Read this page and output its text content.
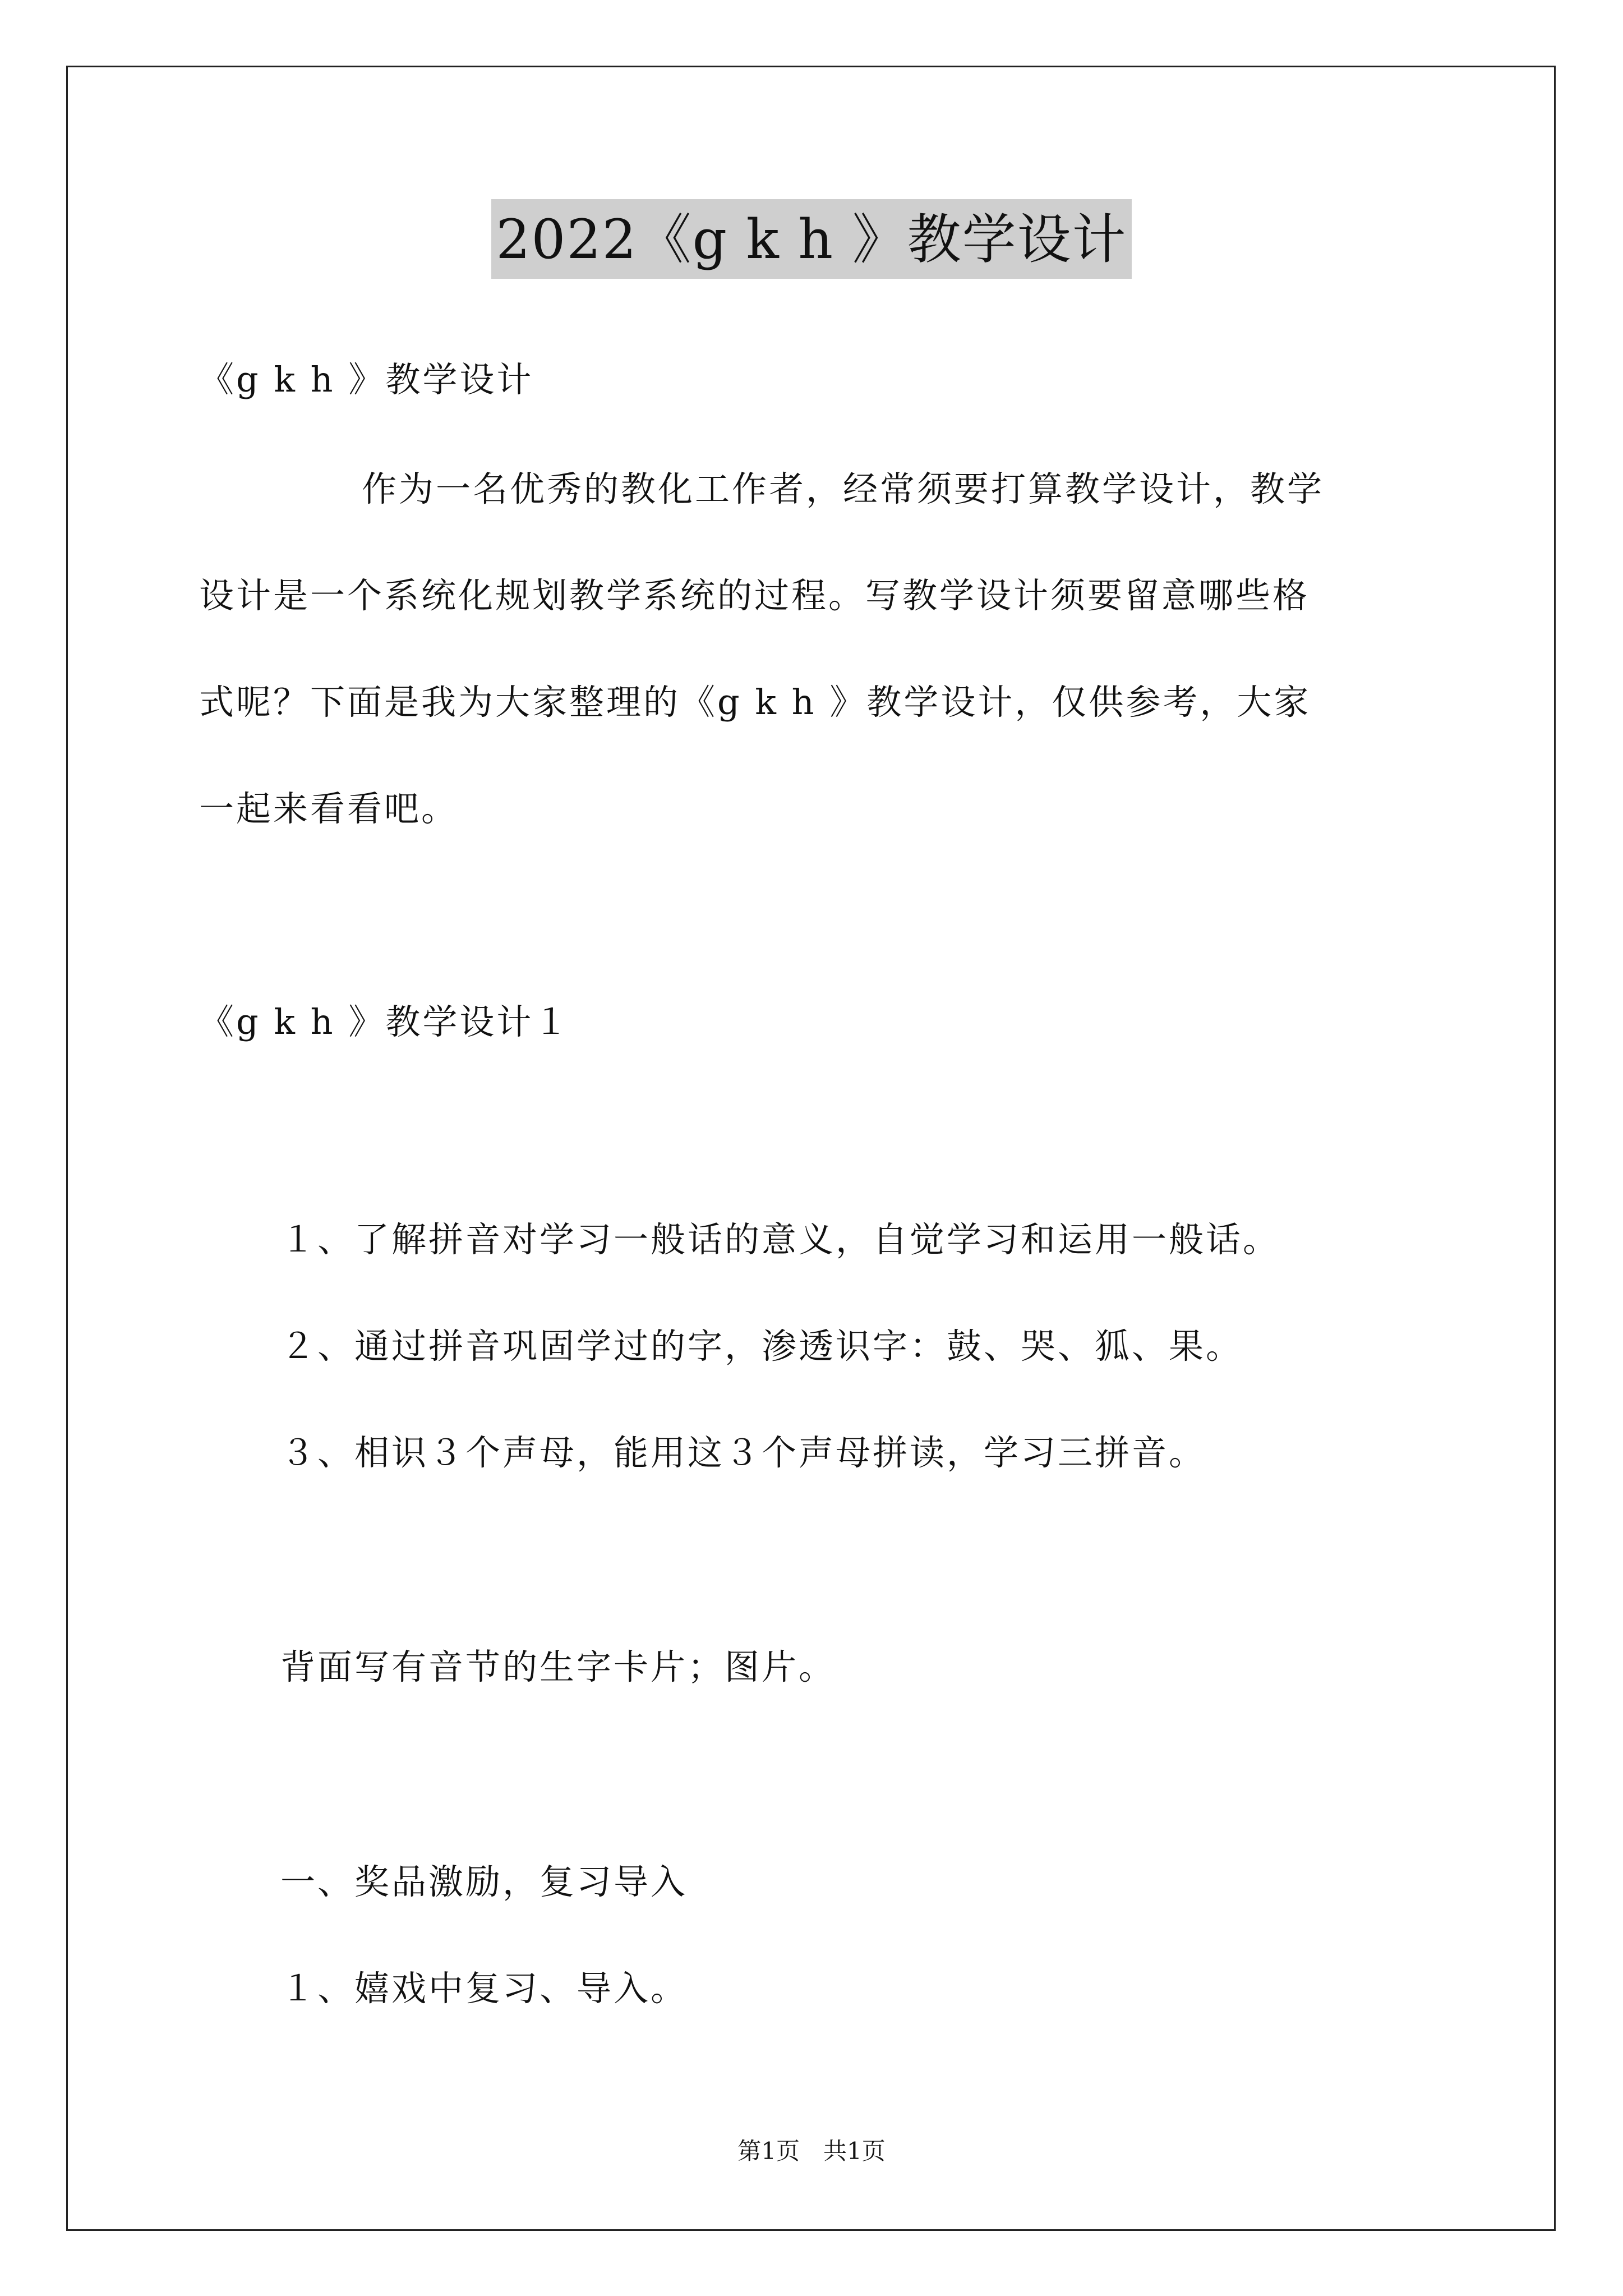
2022《g k h 》教学设计
《g k h 》教学设计
作为一名优秀的教化工作者，经常须要打算教学设计，教学
设计是一个系统化规划教学系统的过程。写教学设计须要留意哪些格
式呢？下面是我为大家整理的《g k h 》教学设计，仅供参考，大家
一起来看看吧。
《g k h 》教学设计１
１、了解拼音对学习一般话的意义，自觉学习和运用一般话。
２、通过拼音巩固学过的字，渗透识字：鼓、哭、狐、果。
３、相识３个声母，能用这３个声母拼读，学习三拼音。
背面写有音节的生字卡片；图片。
一、奖品激励，复习导入
１、嬉戏中复习、导入。
第1页　共1页
